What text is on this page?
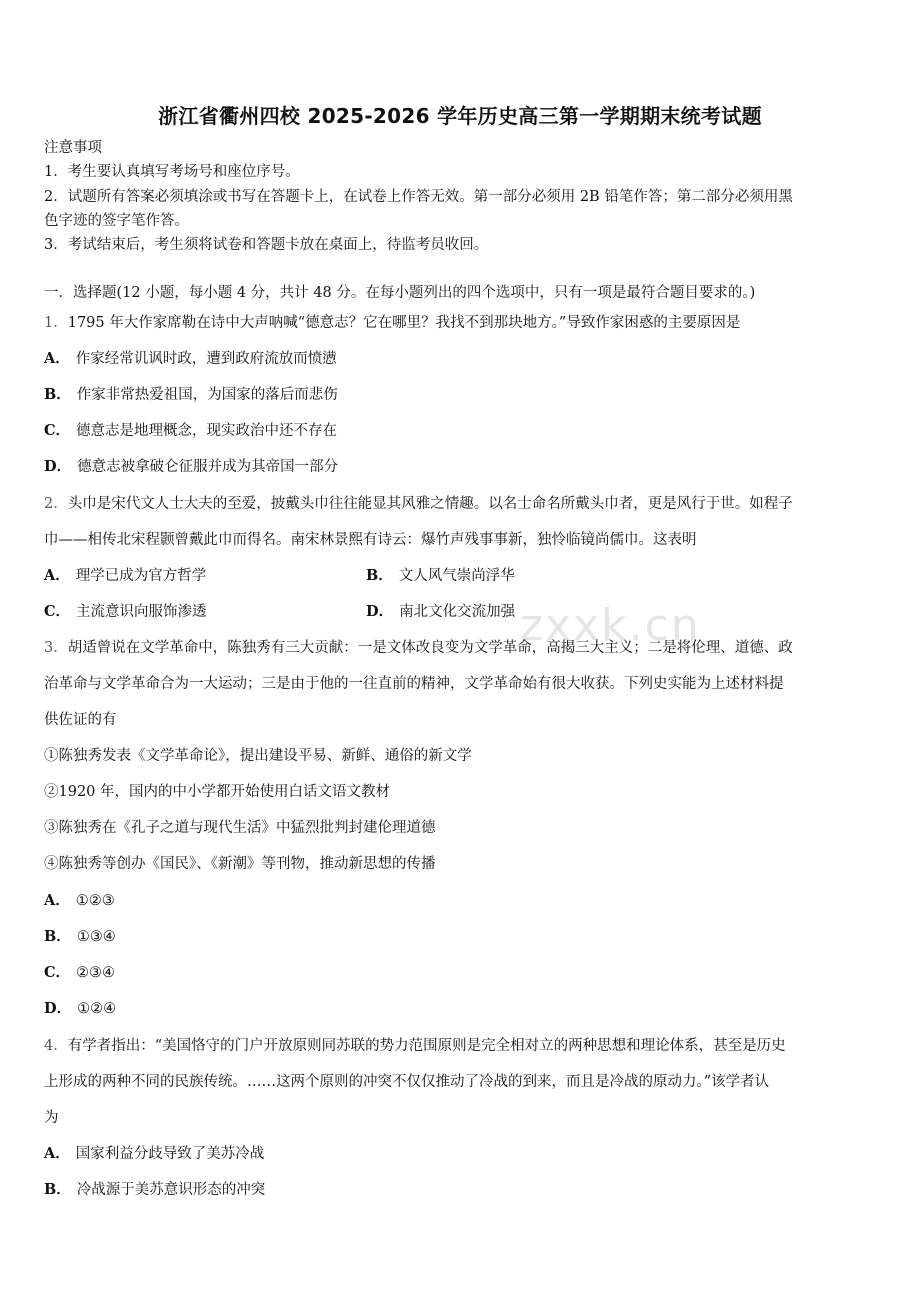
浙江省衢州四校 2025-2026 学年历史高三第一学期期末统考试题
注意事项
1．考生要认真填写考场号和座位序号。
2．试题所有答案必须填涂或书写在答题卡上，在试卷上作答无效。第一部分必须用 2B 铅笔作答；第二部分必须用黑
色字迹的签字笔作答。
3．考试结束后，考生须将试卷和答题卡放在桌面上，待监考员收回。
一．选择题(12 小题，每小题 4 分，共计 48 分。在每小题列出的四个选项中，只有一项是最符合题目要求的。)
1．1795 年大作家席勒在诗中大声呐喊“德意志？它在哪里？我找不到那块地方。”导致作家困惑的主要原因是
A． 作家经常讥讽时政，遭到政府流放而愤懑
B． 作家非常热爱祖国，为国家的落后而悲伤
C． 德意志是地理概念，现实政治中还不存在
D． 德意志被拿破仑征服并成为其帝国一部分
2．头巾是宋代文人士大夫的至爱，披戴头巾往往能显其风雅之情趣。以名士命名所戴头巾者，更是风行于世。如程子
巾——相传北宋程颢曾戴此巾而得名。南宋林景熙有诗云：爆竹声残事事新，独怜临镜尚儒巾。这表明
A． 理学已成为官方哲学	B． 文人风气崇尚浮华
C． 主流意识向服饰渗透	D． 南北文化交流加强 zxxk.cn
3．胡适曾说在文学革命中，陈独秀有三大贡献：一是文体改良变为文学革命，高揭三大主义；二是将伦理、道德、政
治革命与文学革命合为一大运动；三是由于他的一往直前的精神，文学革命始有很大收获。下列史实能为上述材料提
供佐证的有
①陈独秀发表《文学革命论》，提出建设平易、新鲜、通俗的新文学
②1920 年，国内的中小学都开始使用白话文语文教材
③陈独秀在《孔子之道与现代生活》中猛烈批判封建伦理道德
④陈独秀等创办《国民》、《新潮》等刊物，推动新思想的传播
A． ①②③
B． ①③④
C． ②③④
D． ①②④
4．有学者指出：“美国恪守的门户开放原则同苏联的势力范围原则是完全相对立的两种思想和理论体系，甚至是历史
上形成的两种不同的民族传统。……这两个原则的冲突不仅仅推动了冷战的到来，而且是冷战的原动力。”该学者认
为
A． 国家利益分歧导致了美苏冷战
B． 冷战源于美苏意识形态的冲突
